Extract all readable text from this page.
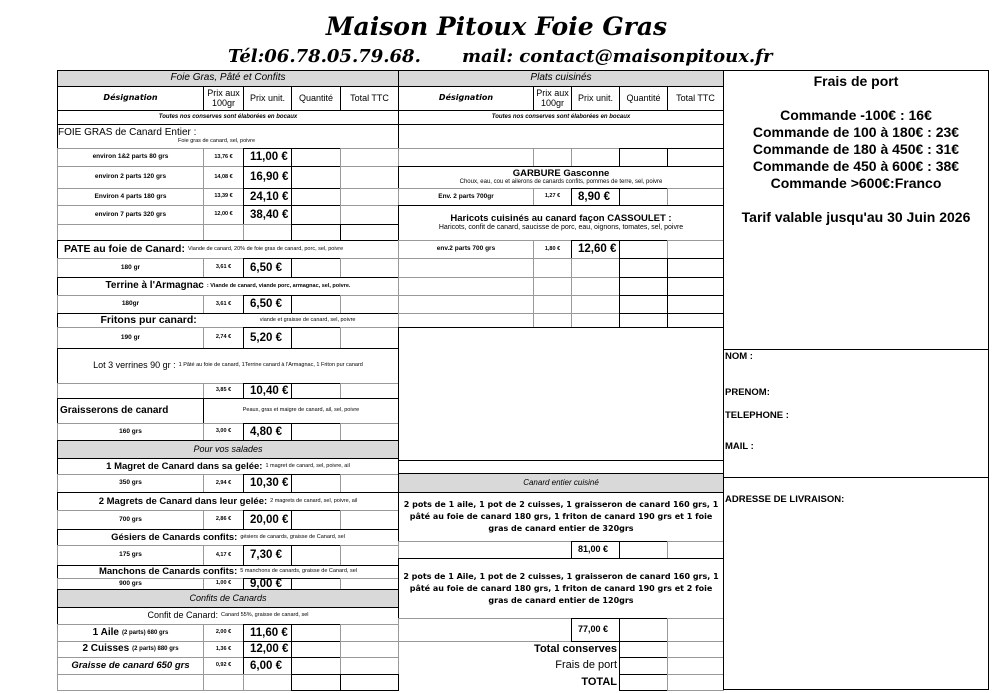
Maison Pitoux Foie Gras
Tél:06.78.05.79.68. mail: contact@maisonpitoux.fr
Foie Gras, Pâté et Confits
Désignation	Prix aux 100gr	Prix unit.	Quantité	Total TTC
Toutes nos conserves sont élaborées en bocaux
FOIE GRAS de Canard Entier :
Foie gras de canard, sel, poivre
environ 1&2 parts 80 grs	13,76 €	11,00 €
environ 2 parts 120 grs	14,08 €	16,90 €
Environ 4 parts 180 grs	13,39 €	24,10 €
environ 7 parts 320 grs	12,00 €	38,40 €
PATE au foie de Canard: Viande de canard, 20% de foie gras de canard, porc, sel, poivre
180 gr	3,61 €	6,50 €
Terrine à l'Armagnac : Viande de canard, viande porc, armagnac, sel, poivre.
180gr	3,61 €	6,50 €
Fritons pur canard:	viande et graisse de canard, sel, poivre
190 gr	2,74 €	5,20 €
Lot 3 verrines 90 gr : 1 Pâté au foie de canard, 1Terrine canard à l'Armagnac, 1 Friton pur canard
3,85 €	10,40 €
Graisserons de canard	Peaux, gras et maigre de canard, ail, sel, poivre
160 grs	3,00 €	4,80 €
Pour vos salades
1 Magret de Canard dans sa gelée: 1 magret de canard, sel, poivre, ail
350 grs	2,94 €	10,30 €
2 Magrets de Canard dans leur gelée: 2 magrets de canard, sel, poivre, ail
700 grs	2,86 €	20,00 €
Gésiers de Canards confits: gésiers de canards, graisse de Canard, sel
175 grs	4,17 €	7,30 €
Manchons de Canards confits: 5 manchons de canards, graisse de Canard, sel
900 grs	1,00 €	9,00 €
Confits de Canards
Confit de Canard: Canard 55%, graisse de canard, sel
1 Aile (2 parts) 680 grs	2,00 €	11,60 €
2 Cuisses (2 parts) 880 grs	1,36 €	12,00 €
Graisse de canard 650 grs	0,92 €	6,00 €
Plats cuisinés
Désignation	Prix aux 100gr	Prix unit.	Quantité	Total TTC
Toutes nos conserves sont élaborées en bocaux
GARBURE Gasconne
Choux, eau, cou et ailerons de canards confits, pommes de terre, sel, poivre
Env. 2 parts 700gr	1,27 €	8,90 €
Haricots cuisinés au canard façon CASSOULET :
Haricots, confit de canard, saucisse de porc, eau, oignons, tomates, sel, poivre
env.2 parts 700 grs	1,80 €	12,60 €
Canard entier cuisiné
2 pots de 1 aile, 1 pot de 2 cuisses, 1 graisseron de canard 160 grs, 1 pâté au foie de canard 180 grs, 1 friton de canard 190 grs et 1 foie gras de canard entier de 320grs
81,00 €
2 pots de 1 Aile, 1 pot de 2 cuisses, 1 graisseron de canard 160 grs, 1 pâté au foie de canard 180 grs, 1 friton de canard 190 grs et 2 foie gras de canard entier de 120grs
77,00 €
Total conserves
Frais de port
TOTAL
Frais de port
Commande -100€ : 16€
Commande de 100 à 180€ : 23€
Commande de 180 à 450€ : 31€
Commande de 450 à 600€ : 38€
Commande >600€:Franco
Tarif valable jusqu'au 30 Juin 2026
NOM :
PRENOM:
TELEPHONE :
MAIL :
ADRESSE DE LIVRAISON:
